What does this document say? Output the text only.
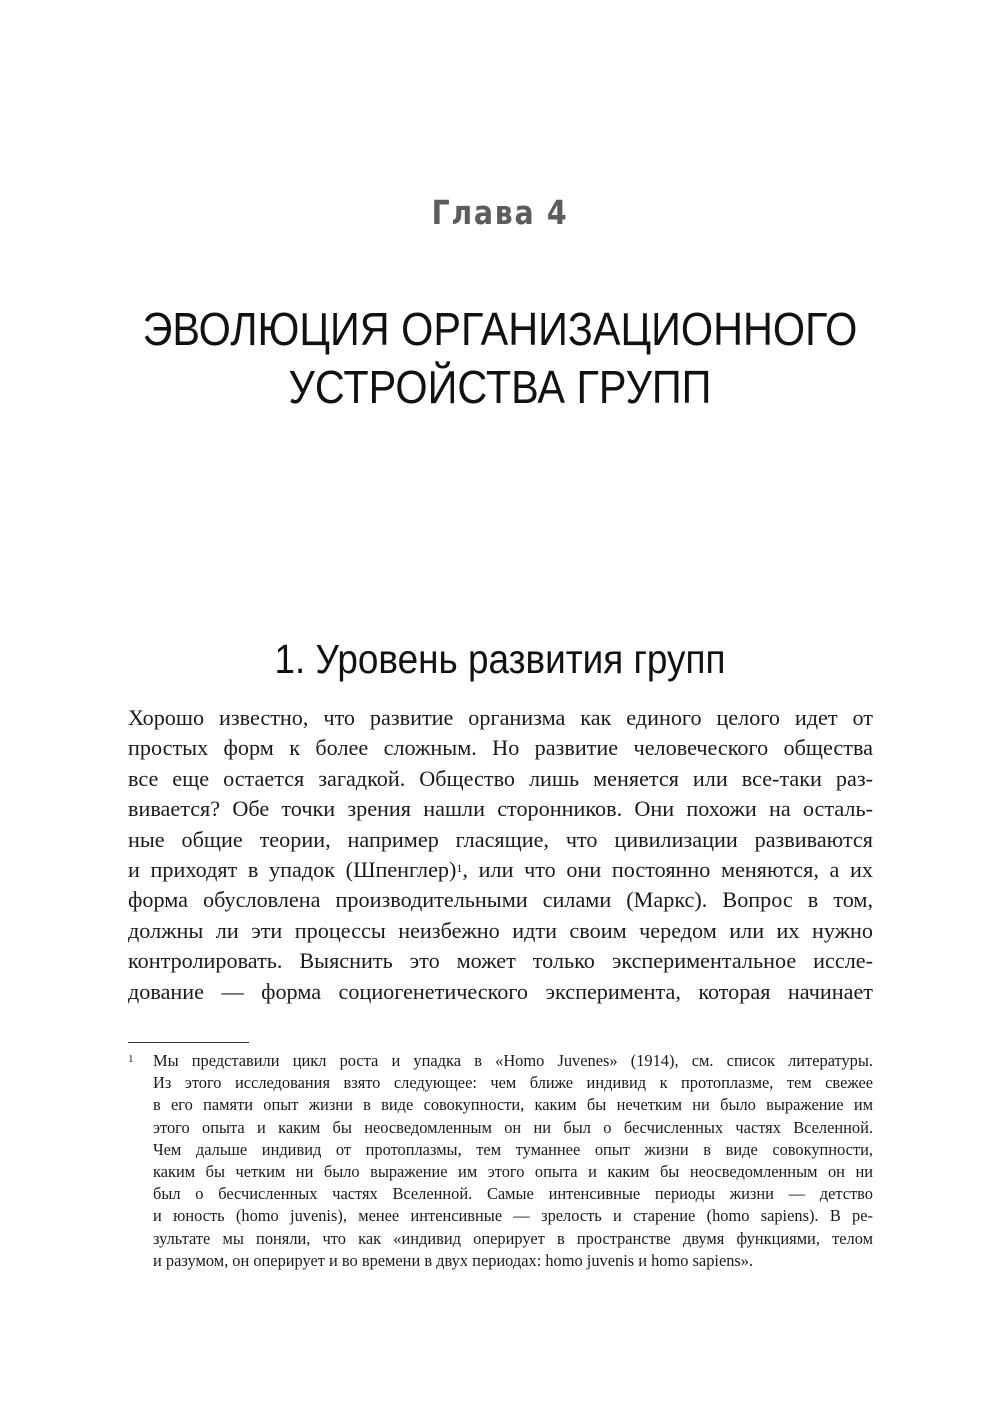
Глава 4
ЭВОЛЮЦИЯ ОРГАНИЗАЦИОННОГО
УСТРОЙСТВА ГРУПП
1. Уровень развития групп
Хорошо известно, что развитие организма как единого целого идет от
простых форм к более сложным. Но развитие человеческого общества
все еще остается загадкой. Общество лишь меняется или все-таки раз-
вивается? Обе точки зрения нашли сторонников. Они похожи на осталь-
ные общие теории, например гласящие, что цивилизации развиваются
и приходят в упадок (Шпенглер)$^1$, или что они постоянно меняются, а их
форма обусловлена производительными силами (Маркс). Вопрос в том,
должны ли эти процессы неизбежно идти своим чередом или их нужно
контролировать. Выяснить это может только экспериментальное иссле-
дование — форма социогенетического эксперимента, которая начинает
1 Мы представили цикл роста и упадка в «Homo Juvenes» (1914), см. список литературы.
Из этого исследования взято следующее: чем ближе индивид к протоплазме, тем свежее
в его памяти опыт жизни в виде совокупности, каким бы нечетким ни было выражение им
этого опыта и каким бы неосведомленным он ни был о бесчисленных частях Вселенной.
Чем дальше индивид от протоплазмы, тем туманнее опыт жизни в виде совокупности,
каким бы четким ни было выражение им этого опыта и каким бы неосведомленным он ни
был о бесчисленных частях Вселенной. Самые интенсивные периоды жизни — детство
и юность (homo juvenis), менее интенсивные — зрелость и старение (homo sapiens). В ре-
зультате мы поняли, что как «индивид оперирует в пространстве двумя функциями, телом
и разумом, он оперирует и во времени в двух периодах: homo juvenis и homo sapiens».
